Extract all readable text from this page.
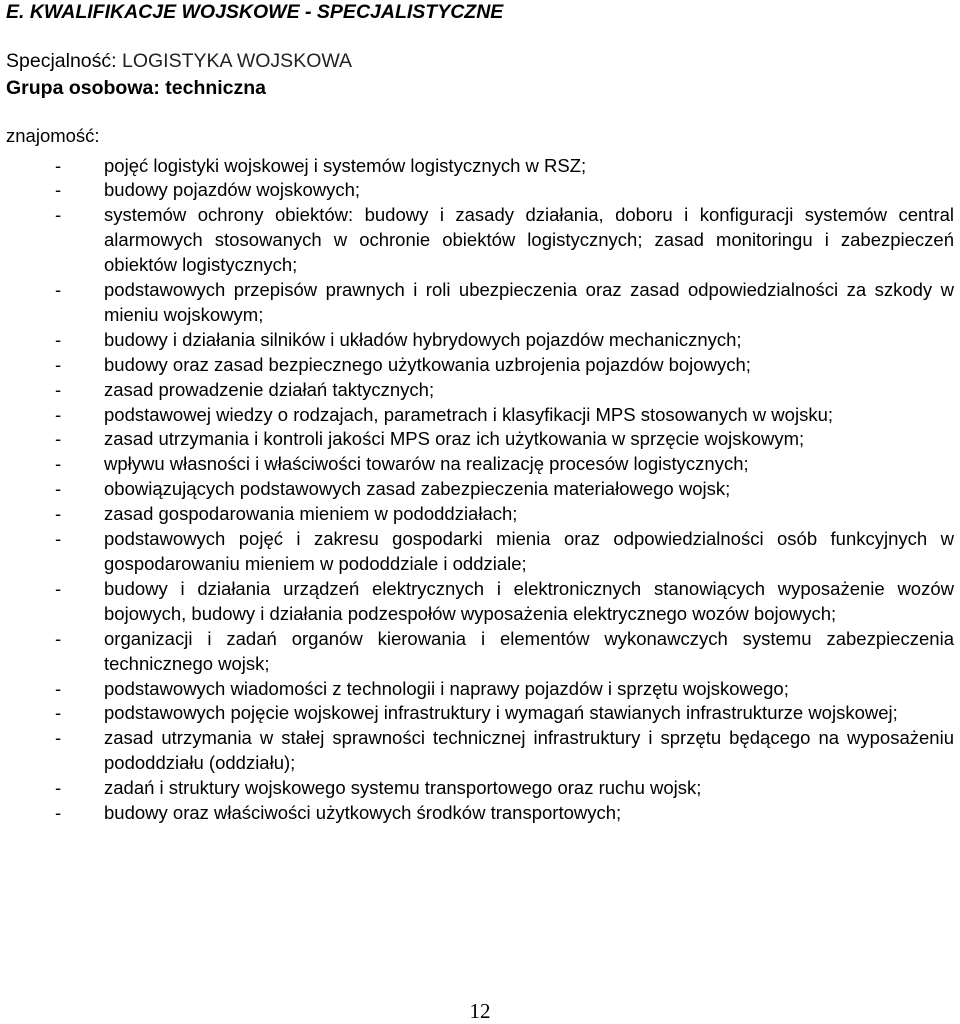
E. KWALIFIKACJE WOJSKOWE - SPECJALISTYCZNE
Specjalność: LOGISTYKA WOJSKOWA
Grupa osobowa: techniczna
znajomość:
- pojęć logistyki wojskowej i systemów logistycznych w RSZ;
- budowy pojazdów wojskowych;
- systemów ochrony obiektów: budowy i zasady działania, doboru i konfiguracji systemów central alarmowych stosowanych w ochronie obiektów logistycznych; zasad monitoringu i zabezpieczeń obiektów logistycznych;
- podstawowych przepisów prawnych i roli ubezpieczenia oraz zasad odpowiedzialności za szkody w mieniu wojskowym;
- budowy i działania silników i układów hybrydowych pojazdów mechanicznych;
- budowy oraz zasad bezpiecznego użytkowania uzbrojenia pojazdów bojowych;
- zasad prowadzenie działań taktycznych;
- podstawowej wiedzy o rodzajach, parametrach i klasyfikacji MPS stosowanych w wojsku;
- zasad utrzymania i kontroli jakości MPS oraz ich użytkowania w sprzęcie wojskowym;
- wpływu własności i właściwości towarów na realizację procesów logistycznych;
- obowiązujących podstawowych zasad zabezpieczenia materiałowego wojsk;
- zasad gospodarowania mieniem w pododdziałach;
- podstawowych pojęć i zakresu gospodarki mienia oraz odpowiedzialności osób funkcyjnych w gospodarowaniu mieniem w pododdziale i oddziale;
- budowy i działania urządzeń elektrycznych i elektronicznych stanowiących wyposażenie wozów bojowych, budowy i działania podzespołów wyposażenia elektrycznego wozów bojowych;
- organizacji i zadań organów kierowania i elementów wykonawczych systemu zabezpieczenia technicznego wojsk;
- podstawowych wiadomości z technologii i naprawy pojazdów i sprzętu wojskowego;
- podstawowych pojęcie wojskowej infrastruktury i wymagań stawianych infrastrukturze wojskowej;
- zasad utrzymania w stałej sprawności technicznej infrastruktury i sprzętu będącego na wyposażeniu pododdziału (oddziału);
- zadań i struktury wojskowego systemu transportowego oraz ruchu wojsk;
- budowy oraz właściwości użytkowych środków transportowych;
12
